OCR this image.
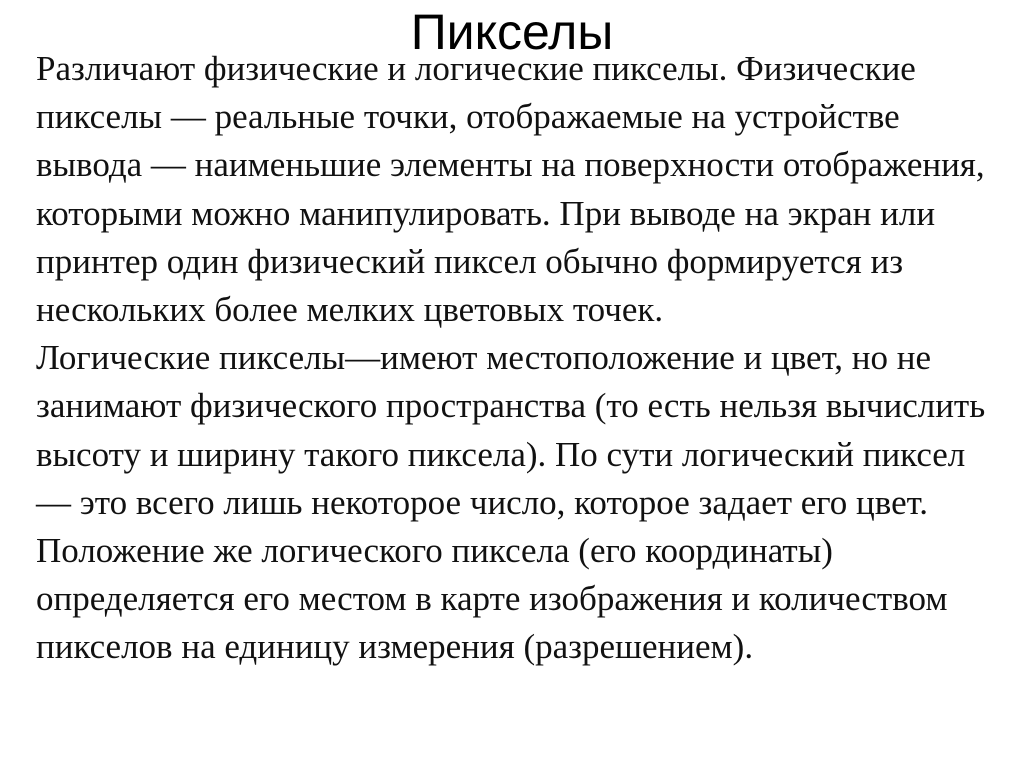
Пикселы

Различают физические и логические пикселы. Физические пикселы — реальные точки, отображаемые на устройстве вывода — наименьшие элементы на поверхности отображения, которыми можно манипулировать. При выводе на экран или принтер один физический пиксел обычно формируется из нескольких более мелких цветовых точек.

Логические пикселы—имеют местоположение и цвет, но не занимают физического пространства (то есть нельзя вычислить высоту и ширину такого пиксела). По сути логический пиксел — это всего лишь некоторое число, которое задает его цвет. Положение же логического пиксела (его координаты) определяется его местом в карте изображения и количеством пикселов на единицу измерения (разрешением).
